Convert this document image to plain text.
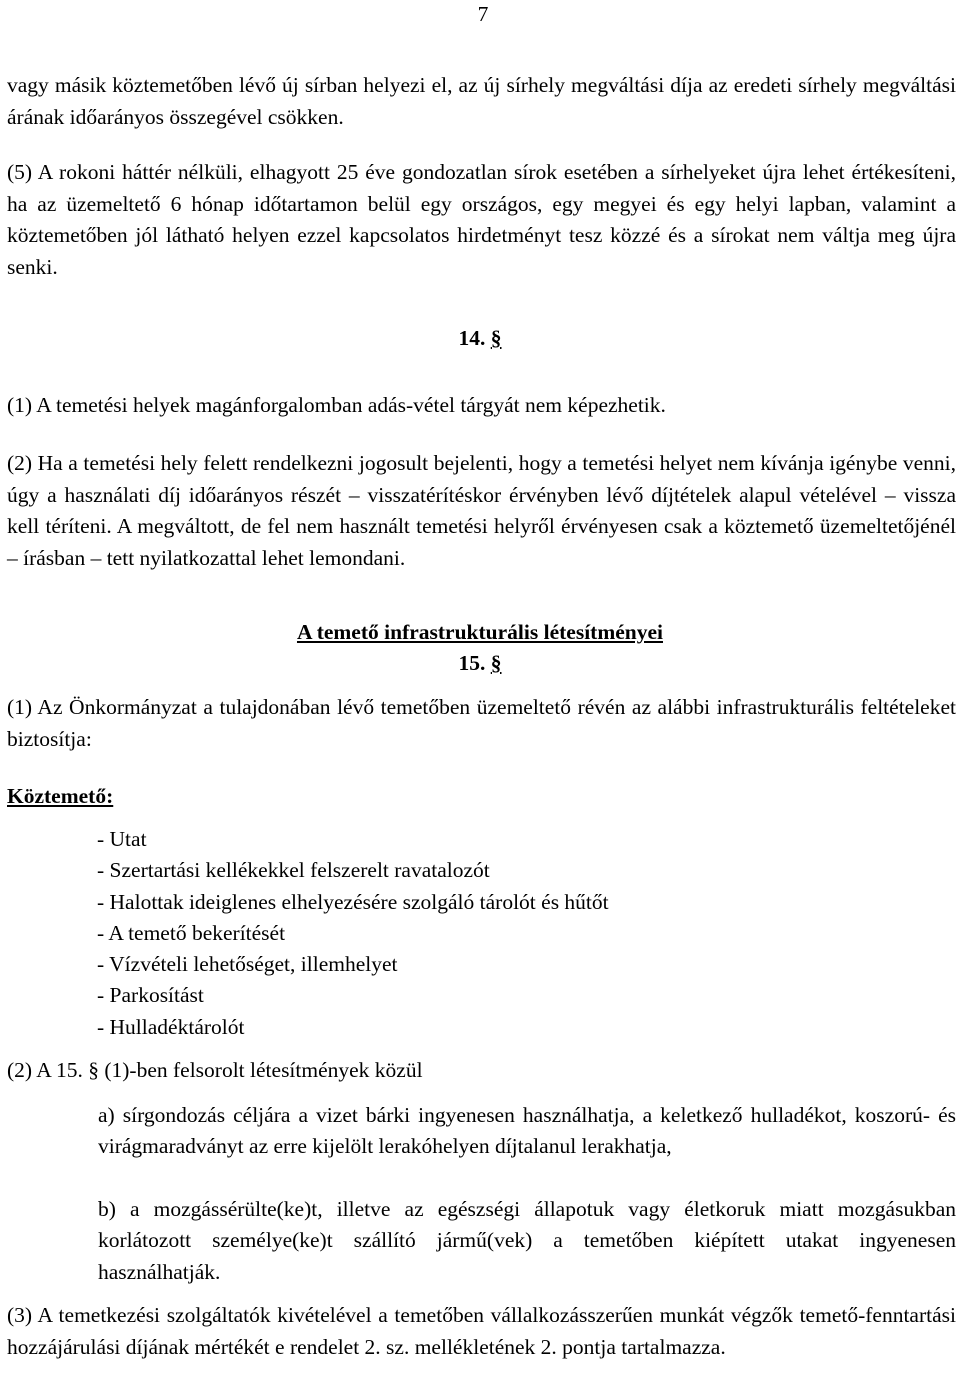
7

vagy másik köztemetőben lévő új sírban helyezi el, az új sírhely megváltási díja az eredeti sírhely megváltási árának időarányos összegével csökken.

(5) A rokoni háttér nélküli, elhagyott 25 éve gondozatlan sírok esetében a sírhelyeket újra lehet értékesíteni, ha az üzemeltető 6 hónap időtartamon belül egy országos, egy megyei és egy helyi lapban, valamint a köztemetőben jól látható helyen ezzel kapcsolatos hirdetményt tesz közzé és a sírokat nem váltja meg újra senki.

14. §

(1) A temetési helyek magánforgalomban adás-vétel tárgyát nem képezhetik.

(2) Ha a temetési hely felett rendelkezni jogosult bejelenti, hogy a temetési helyet nem kívánja igénybe venni, úgy a használati díj időarányos részét – visszatérítéskor érvényben lévő díjtételek alapul vételével – vissza kell téríteni. A megváltott, de fel nem használt temetési helyről érvényesen csak a köztemető üzemeltetőjénél – írásban – tett nyilatkozattal lehet lemondani.

A temető infrastrukturális létesítményei

15. §

(1) Az Önkormányzat a tulajdonában lévő temetőben üzemeltető révén az alábbi infrastrukturális feltételeket biztosítja:

Köztemető:

- Utat
- Szertartási kellékekkel felszerelt ravatalozót
- Halottak ideiglenes elhelyezésére szolgáló tárolót és hűtőt
- A temető bekerítését
- Vízvételi lehetőséget, illemhelyet
- Parkosítást
- Hulladéktárolót

(2) A 15. § (1)-ben felsorolt létesítmények közül

a) sírgondozás céljára a vizet bárki ingyenesen használhatja, a keletkező hulladékot, koszorú- és virágmaradványt az erre kijelölt lerakóhelyen díjtalanul lerakhatja,

b) a mozgássérülte(ke)t, illetve az egészségi állapotuk vagy életkoruk miatt mozgásukban korlátozott személye(ke)t szállító jármű(vek) a temetőben kiépített utakat ingyenesen használhatják.

(3) A temetkezési szolgáltatók kivételével a temetőben vállalkozásszerűen munkát végzők temető-fenntartási hozzájárulási díjának mértékét e rendelet 2. sz. mellékletének 2. pontja tartalmazza.
